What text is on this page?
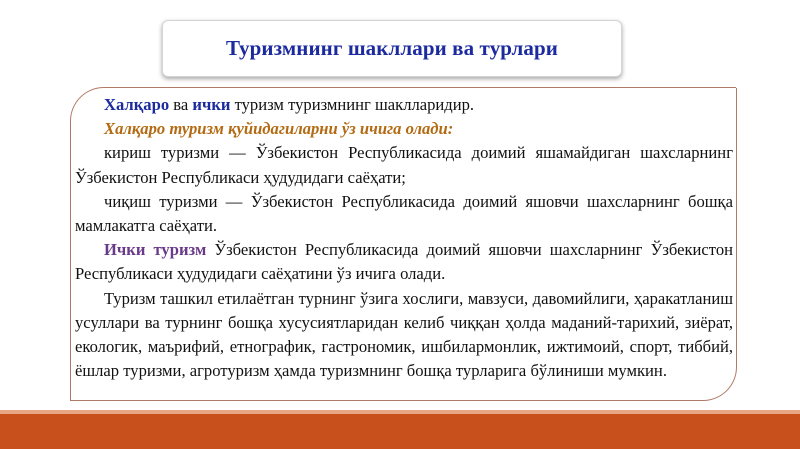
Туризмнинг шакллари ва турлари

Халқаро ва ички туризм туризмнинг шаклларидир.

Халқаро туризм қуйидагиларни ўз ичига олади:

кириш туризми — Ўзбекистон Республикасида доимий яшамайдиган шахсларнинг Ўзбекистон Республикаси ҳудудидаги саёҳати;

чиқиш туризми — Ўзбекистон Республикасида доимий яшовчи шахсларнинг бошқа мамлакатга саёҳати.

Ички туризм Ўзбекистон Республикасида доимий яшовчи шахсларнинг Ўзбекистон Республикаси ҳудудидаги саёҳатини ўз ичига олади.

Туризм ташкил етилаётган турнинг ўзига хослиги, мавзуси, давомийлиги, ҳаракатланиш усуллари ва турнинг бошқа хусусиятларидан келиб чиққан ҳолда маданий-тарихий, зиёрат, екологик, маърифий, етнографик, гастрономик, ишбилармонлик, ижтимоий, спорт, тиббий, ёшлар туризми, агротуризм ҳамда туризмнинг бошқа турларига бўлиниши мумкин.
